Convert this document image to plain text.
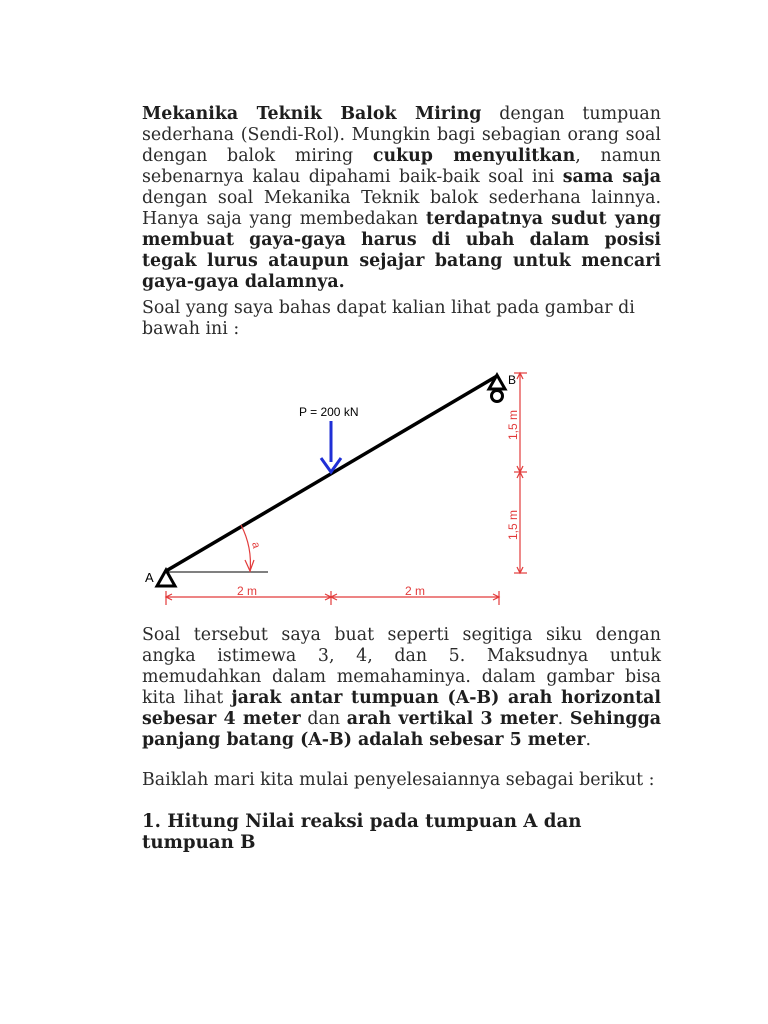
Mekanika Teknik Balok Miring dengan tumpuan sederhana (Sendi-Rol). Mungkin bagi sebagian orang soal dengan balok miring cukup menyulitkan, namun sebenarnya kalau dipahami baik-baik soal ini sama saja dengan soal Mekanika Teknik balok sederhana lainnya. Hanya saja yang membedakan terdapatnya sudut yang membuat gaya-gaya harus di ubah dalam posisi tegak lurus ataupun sejajar batang untuk mencari gaya-gaya dalamnya.

Soal yang saya bahas dapat kalian lihat pada gambar di bawah ini :

Soal tersebut saya buat seperti segitiga siku dengan angka istimewa 3, 4, dan 5. Maksudnya untuk memudahkan dalam memahaminya. dalam gambar bisa kita lihat jarak antar tumpuan (A-B) arah horizontal sebesar 4 meter dan arah vertikal 3 meter. Sehingga panjang batang (A-B) adalah sebesar 5 meter.

Baiklah mari kita mulai penyelesaiannya sebagai berikut :

1. Hitung Nilai reaksi pada tumpuan A dan tumpuan B
A
B
P = 200 kN
a
2 m	2 m
1,5 m
1,5 m
